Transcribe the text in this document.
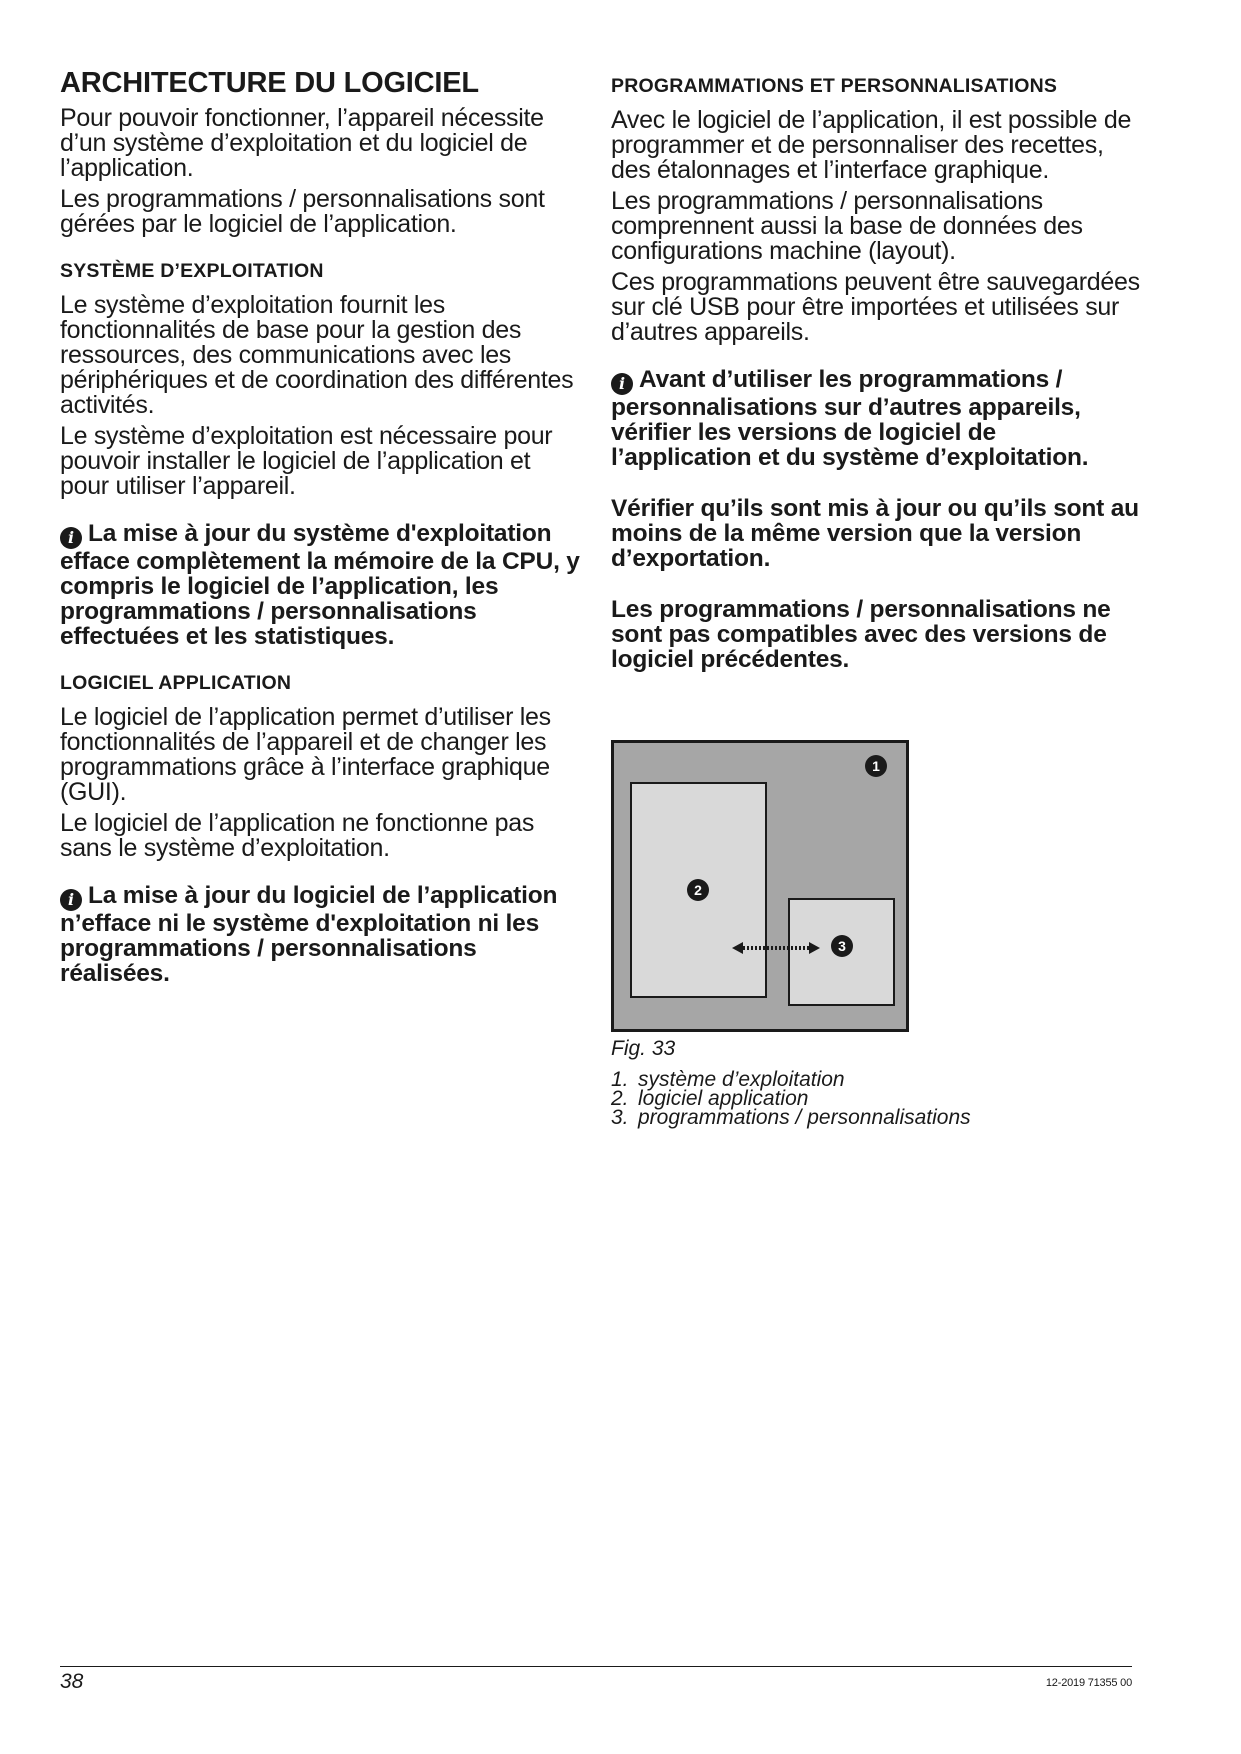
ARCHITECTURE DU LOGICIEL

Pour pouvoir fonctionner, l’appareil nécessite d’un système d’exploitation et du logiciel de l’application.

Les programmations / personnalisations sont gérées par le logiciel de l’application.

SYSTÈME D’EXPLOITATION

Le système d’exploitation fournit les fonctionnalités de base pour la gestion des ressources, des communications avec les périphériques et de coordination des différentes activités.

Le système d’exploitation est nécessaire pour pouvoir installer le logiciel de l’application et pour utiliser l’appareil.

i La mise à jour du système d'exploitation efface complètement la mémoire de la CPU, y compris le logiciel de l’application, les programmations / personnalisations effectuées et les statistiques.

LOGICIEL APPLICATION

Le logiciel de l’application permet d’utiliser les fonctionnalités de l’appareil et de changer les programmations grâce à l’interface graphique (GUI).

Le logiciel de l’application ne fonctionne pas sans le système d’exploitation.

i La mise à jour du logiciel de l’application n’efface ni le système d'exploitation ni les programmations / personnalisations réalisées.

PROGRAMMATIONS ET PERSONNALISATIONS

Avec le logiciel de l’application, il est possible de programmer et de personnaliser des recettes, des étalonnages et l’interface graphique.

Les programmations / personnalisations comprennent aussi la base de données des configurations machine (layout).

Ces programmations peuvent être sauvegardées sur clé USB pour être importées et utilisées sur d’autres appareils.

i Avant d’utiliser les programmations / personnalisations sur d’autres appareils, vérifier les versions de logiciel de l’application et du système d’exploitation.

Vérifier qu’ils sont mis à jour ou qu’ils sont au moins de la même version que la version d’exportation.

Les programmations / personnalisations ne sont pas compatibles avec des versions de logiciel précédentes.

1
2
3
Fig. 33
1. système d’exploitation
2. logiciel application
3. programmations / personnalisations
38	12-2019 71355 00
